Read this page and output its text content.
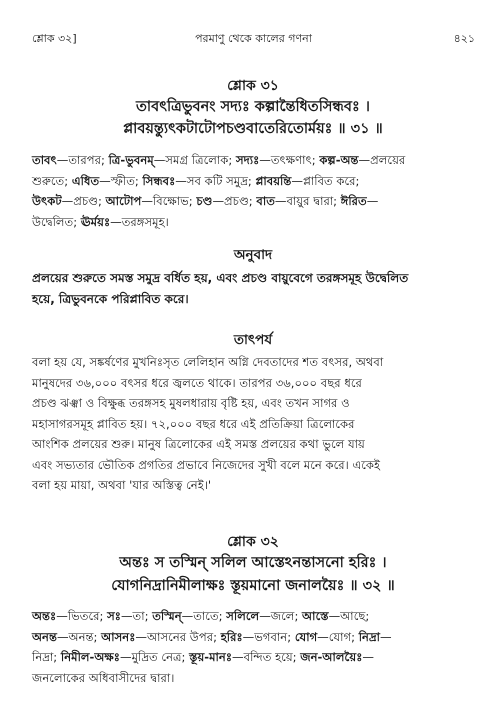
শ্লোক ৩২]	পরমাণু থেকে কালের গণনা	৪২১
শ্লোক ৩১
তাবৎত্রিভুবনং সদ্যঃ কল্পান্তৈধিতসিন্ধবঃ ।
প্লাবয়ন্ত্যুৎকটাটোপচণ্ডবাতেরিতোর্ময়ঃ ॥ ৩১ ॥
তাবৎ—তারপর; ত্রি-ভুবনম্—সমগ্র ত্রিলোক; সদ্যঃ—তৎক্ষণাৎ; কল্প-অন্ত—প্রলয়ের
শুরুতে; এধিত—স্ফীত; সিন্ধবঃ—সব কটি সমুদ্র; প্লাবয়ন্তি—প্লাবিত করে;
উৎকট—প্রচণ্ড; আটোপ—বিক্ষোভ; চণ্ড—প্রচণ্ড; বাত—বায়ুর দ্বারা; ঈরিত—
উদ্বেলিত; ঊর্ময়ঃ—তরঙ্গসমূহ।
অনুবাদ
প্রলয়ের শুরুতে সমস্ত সমুদ্র বর্ধিত হয়, এবং প্রচণ্ড বায়ুবেগে তরঙ্গসমূহ উদ্বেলিত
হয়ে, ত্রিভুবনকে পরিপ্লাবিত করে।
তাৎপর্য
বলা হয় যে, সঙ্কর্ষণের মুখনিঃসৃত লেলিহান অগ্নি দেবতাদের শত বৎসর, অথবা
মানুষদের ৩৬,০০০ বৎসর ধরে জ্বলতে থাকে। তারপর ৩৬,০০০ বছর ধরে
প্রচণ্ড ঝঞ্ঝা ও বিক্ষুব্ধ তরঙ্গসহ মুষলধারায় বৃষ্টি হয়, এবং তখন সাগর ও
মহাসাগরসমূহ প্লাবিত হয়। ৭২,০০০ বছর ধরে এই প্রতিক্রিয়া ত্রিলোকের
আংশিক প্রলয়ের শুরু। মানুষ ত্রিলোকের এই সমস্ত প্রলয়ের কথা ভুলে যায়
এবং সভ্যতার ভৌতিক প্রগতির প্রভাবে নিজেদের সুখী বলে মনে করে। একেই
বলা হয় মায়া, অথবা 'যার অস্তিত্ব নেই।'
শ্লোক ৩২
অন্তঃ স তস্মিন্ সলিল আস্তেঽনন্তাসনো হরিঃ ।
যোগনিদ্রানিমীলাক্ষঃ স্তূয়মানো জনালয়ৈঃ ॥ ৩২ ॥
অন্তঃ—ভিতরে; সঃ—তা; তস্মিন্—তাতে; সলিলে—জলে; আস্তে—আছে;
অনন্ত—অনন্ত; আসনঃ—আসনের উপর; হরিঃ—ভগবান; যোগ—যোগ; নিদ্রা—
নিদ্রা; নিমীল-অক্ষঃ—মুদ্রিত নেত্র; স্তূয়-মানঃ—বন্দিত হয়ে; জন-আলয়ৈঃ—
জনলোকের অধিবাসীদের দ্বারা।
